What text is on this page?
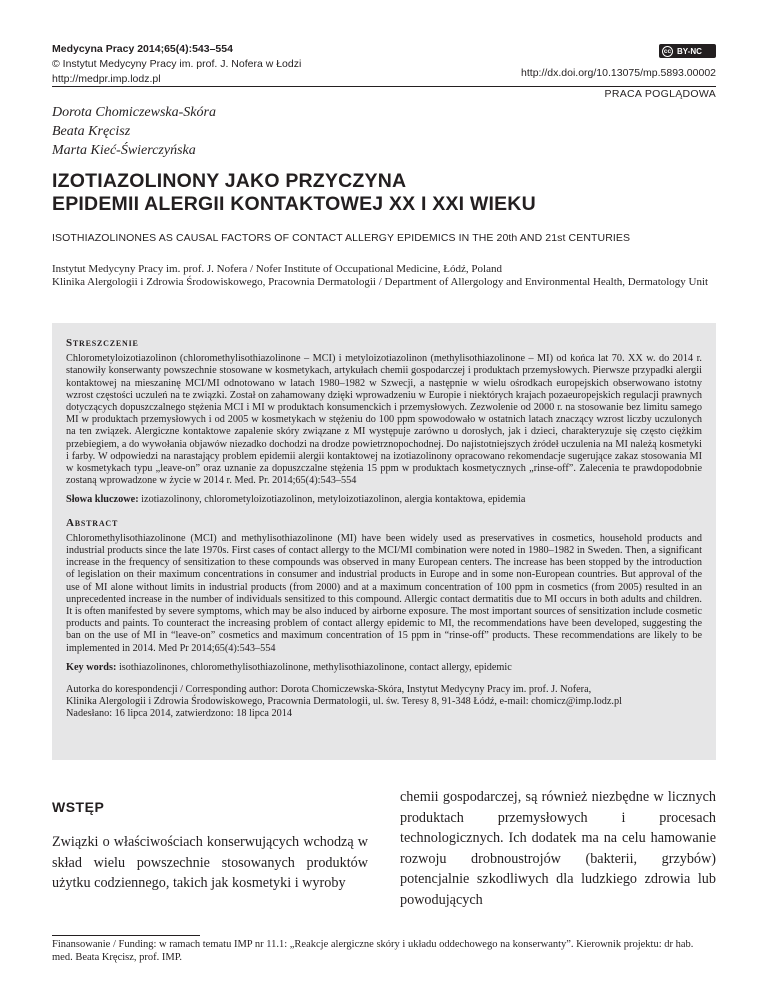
Medycyna Pracy 2014;65(4):543–554
© Instytut Medycyny Pracy im. prof. J. Nofera w Łodzi
http://medpr.imp.lodz.pl
cc BY-NC
http://dx.doi.org/10.13075/mp.5893.00002
PRACA POGLĄDOWA
Dorota Chomiczewska-Skóra
Beata Kręcisz
Marta Kieć-Świerczyńska
IZOTIAZOLINONY JAKO PRZYCZYNA
EPIDEMII ALERGII KONTAKTOWEJ XX I XXI WIEKU
ISOTHIAZOLINONES AS CAUSAL FACTORS OF CONTACT ALLERGY EPIDEMICS IN THE 20th AND 21st CENTURIES
Instytut Medycyny Pracy im. prof. J. Nofera / Nofer Institute of Occupational Medicine, Łódź, Poland
Klinika Alergologii i Zdrowia Środowiskowego, Pracownia Dermatologii / Department of Allergology and Environmental Health, Dermatology Unit
Streszczenie
Chlorometyloizotiazolinon (chloromethylisothiazolinone – MCI) i metyloizotiazolinon (methylisothiazolinone – MI) od końca lat 70. XX w. do 2014 r. stanowiły konserwanty powszechnie stosowane w kosmetykach, artykułach chemii gospodarczej i produktach przemysłowych. Pierwsze przypadki alergii kontaktowej na mieszaninę MCI/MI odnotowano w latach 1980–1982 w Szwecji, a następnie w wielu ośrodkach europejskich obserwowano istotny wzrost częstości uczuleń na te związki. Został on zahamowany dzięki wprowadzeniu w Europie i niektórych krajach pozaeuropejskich regulacji prawnych dotyczących dopuszczalnego stężenia MCI i MI w produktach konsumenckich i przemysłowych. Zezwolenie od 2000 r. na stosowanie bez limitu samego MI w produktach przemysłowych i od 2005 w kosmetykach w stężeniu do 100 ppm spowodowało w ostatnich latach znaczący wzrost liczby uczulonych na ten związek. Alergiczne kontaktowe zapalenie skóry związane z MI występuje zarówno u dorosłych, jak i dzieci, charakteryzuje się często ciężkim przebiegiem, a do wywołania objawów niezadko dochodzi na drodze powietrznopochodnej. Do najistotniejszych źródeł uczulenia na MI należą kosmetyki i farby. W odpowiedzi na narastający problem epidemii alergii kontaktowej na izotiazolinony opracowano rekomendacje sugerujące zakaz stosowania MI w kosmetykach typu „leave-on” oraz uznanie za dopuszczalne stężenia 15 ppm w produktach kosmetycznych „rinse-off”. Zalecenia te prawdopodobnie zostaną wprowadzone w życie w 2014 r. Med. Pr. 2014;65(4):543–554
Słowa kluczowe: izotiazolinony, chlorometyloizotiazolinon, metyloizotiazolinon, alergia kontaktowa, epidemia
Abstract
Chloromethylisothiazolinone (MCI) and methylisothiazolinone (MI) have been widely used as preservatives in cosmetics, household products and industrial products since the late 1970s. First cases of contact allergy to the MCI/MI combination were noted in 1980–1982 in Sweden. Then, a significant increase in the frequency of sensitization to these compounds was observed in many European centers. The increase has been stopped by the introduction of legislation on their maximum concentrations in consumer and industrial products in Europe and in some non-European countries. But approval of the use of MI alone without limits in industrial products (from 2000) and at a maximum concentration of 100 ppm in cosmetics (from 2005) resulted in an unprecedented increase in the number of individuals sensitized to this compound. Allergic contact dermatitis due to MI occurs in both adults and children. It is often manifested by severe symptoms, which may be also induced by airborne exposure. The most important sources of sensitization include cosmetic products and paints. To counteract the increasing problem of contact allergy epidemic to MI, the recommendations have been developed, suggesting the ban on the use of MI in “leave-on” cosmetics and maximum concentration of 15 ppm in “rinse-off” products. These recommendations are likely to be implemented in 2014. Med Pr 2014;65(4):543–554
Key words: isothiazolinones, chloromethylisothiazolinone, methylisothiazolinone, contact allergy, epidemic
Autorka do korespondencji / Corresponding author: Dorota Chomiczewska-Skóra, Instytut Medycyny Pracy im. prof. J. Nofera,
Klinika Alergologii i Zdrowia Środowiskowego, Pracownia Dermatologii, ul. św. Teresy 8, 91-348 Łódź, e-mail: chomicz@imp.lodz.pl
Nadesłano: 16 lipca 2014, zatwierdzono: 18 lipca 2014
WSTĘP
Związki o właściwościach konserwujących wchodzą w skład wielu powszechnie stosowanych produktów użytku codziennego, takich jak kosmetyki i wyroby
chemii gospodarczej, są również niezbędne w licznych produktach przemysłowych i procesach technologicznych. Ich dodatek ma na celu hamowanie rozwoju drobnoustrojów (bakterii, grzybów) potencjalnie szkodliwych dla ludzkiego zdrowia lub powodujących
Finansowanie / Funding: w ramach tematu IMP nr 11.1: „Reakcje alergiczne skóry i układu oddechowego na konserwanty”. Kierownik projektu: dr hab. med. Beata Kręcisz, prof. IMP.
